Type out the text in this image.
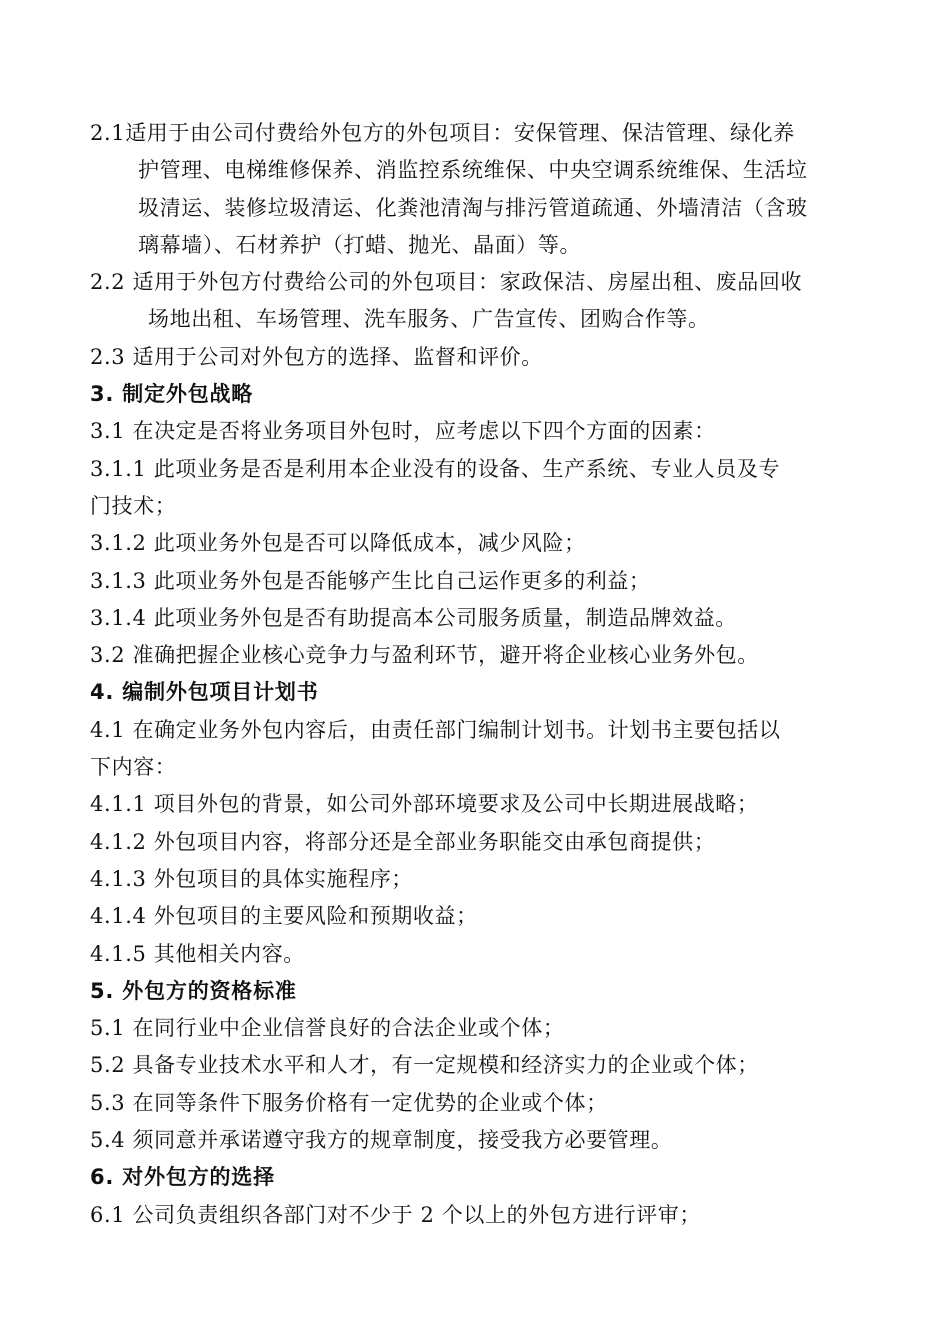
2.1适用于由公司付费给外包方的外包项目：安保管理、保洁管理、绿化养
护管理、电梯维修保养、消监控系统维保、中央空调系统维保、生活垃
圾清运、装修垃圾清运、化粪池清淘与排污管道疏通、外墙清洁（含玻
璃幕墙）、石材养护（打蜡、抛光、晶面）等。
2.2 适用于外包方付费给公司的外包项目：家政保洁、房屋出租、废品回收
场地出租、车场管理、洗车服务、广告宣传、团购合作等。
2.3 适用于公司对外包方的选择、监督和评价。
3. 制定外包战略
3.1 在决定是否将业务项目外包时，应考虑以下四个方面的因素：
3.1.1 此项业务是否是利用本企业没有的设备、生产系统、专业人员及专
门技术；
3.1.2 此项业务外包是否可以降低成本，减少风险；
3.1.3 此项业务外包是否能够产生比自己运作更多的利益；
3.1.4 此项业务外包是否有助提高本公司服务质量，制造品牌效益。
3.2 准确把握企业核心竞争力与盈利环节，避开将企业核心业务外包。
4. 编制外包项目计划书
4.1 在确定业务外包内容后，由责任部门编制计划书。计划书主要包括以
下内容：
4.1.1 项目外包的背景，如公司外部环境要求及公司中长期进展战略；
4.1.2 外包项目内容，将部分还是全部业务职能交由承包商提供；
4.1.3 外包项目的具体实施程序；
4.1.4 外包项目的主要风险和预期收益；
4.1.5 其他相关内容。
5. 外包方的资格标准
5.1 在同行业中企业信誉良好的合法企业或个体；
5.2 具备专业技术水平和人才，有一定规模和经济实力的企业或个体；
5.3 在同等条件下服务价格有一定优势的企业或个体；
5.4 须同意并承诺遵守我方的规章制度，接受我方必要管理。
6. 对外包方的选择
6.1 公司负责组织各部门对不少于 2 个以上的外包方进行评审；
